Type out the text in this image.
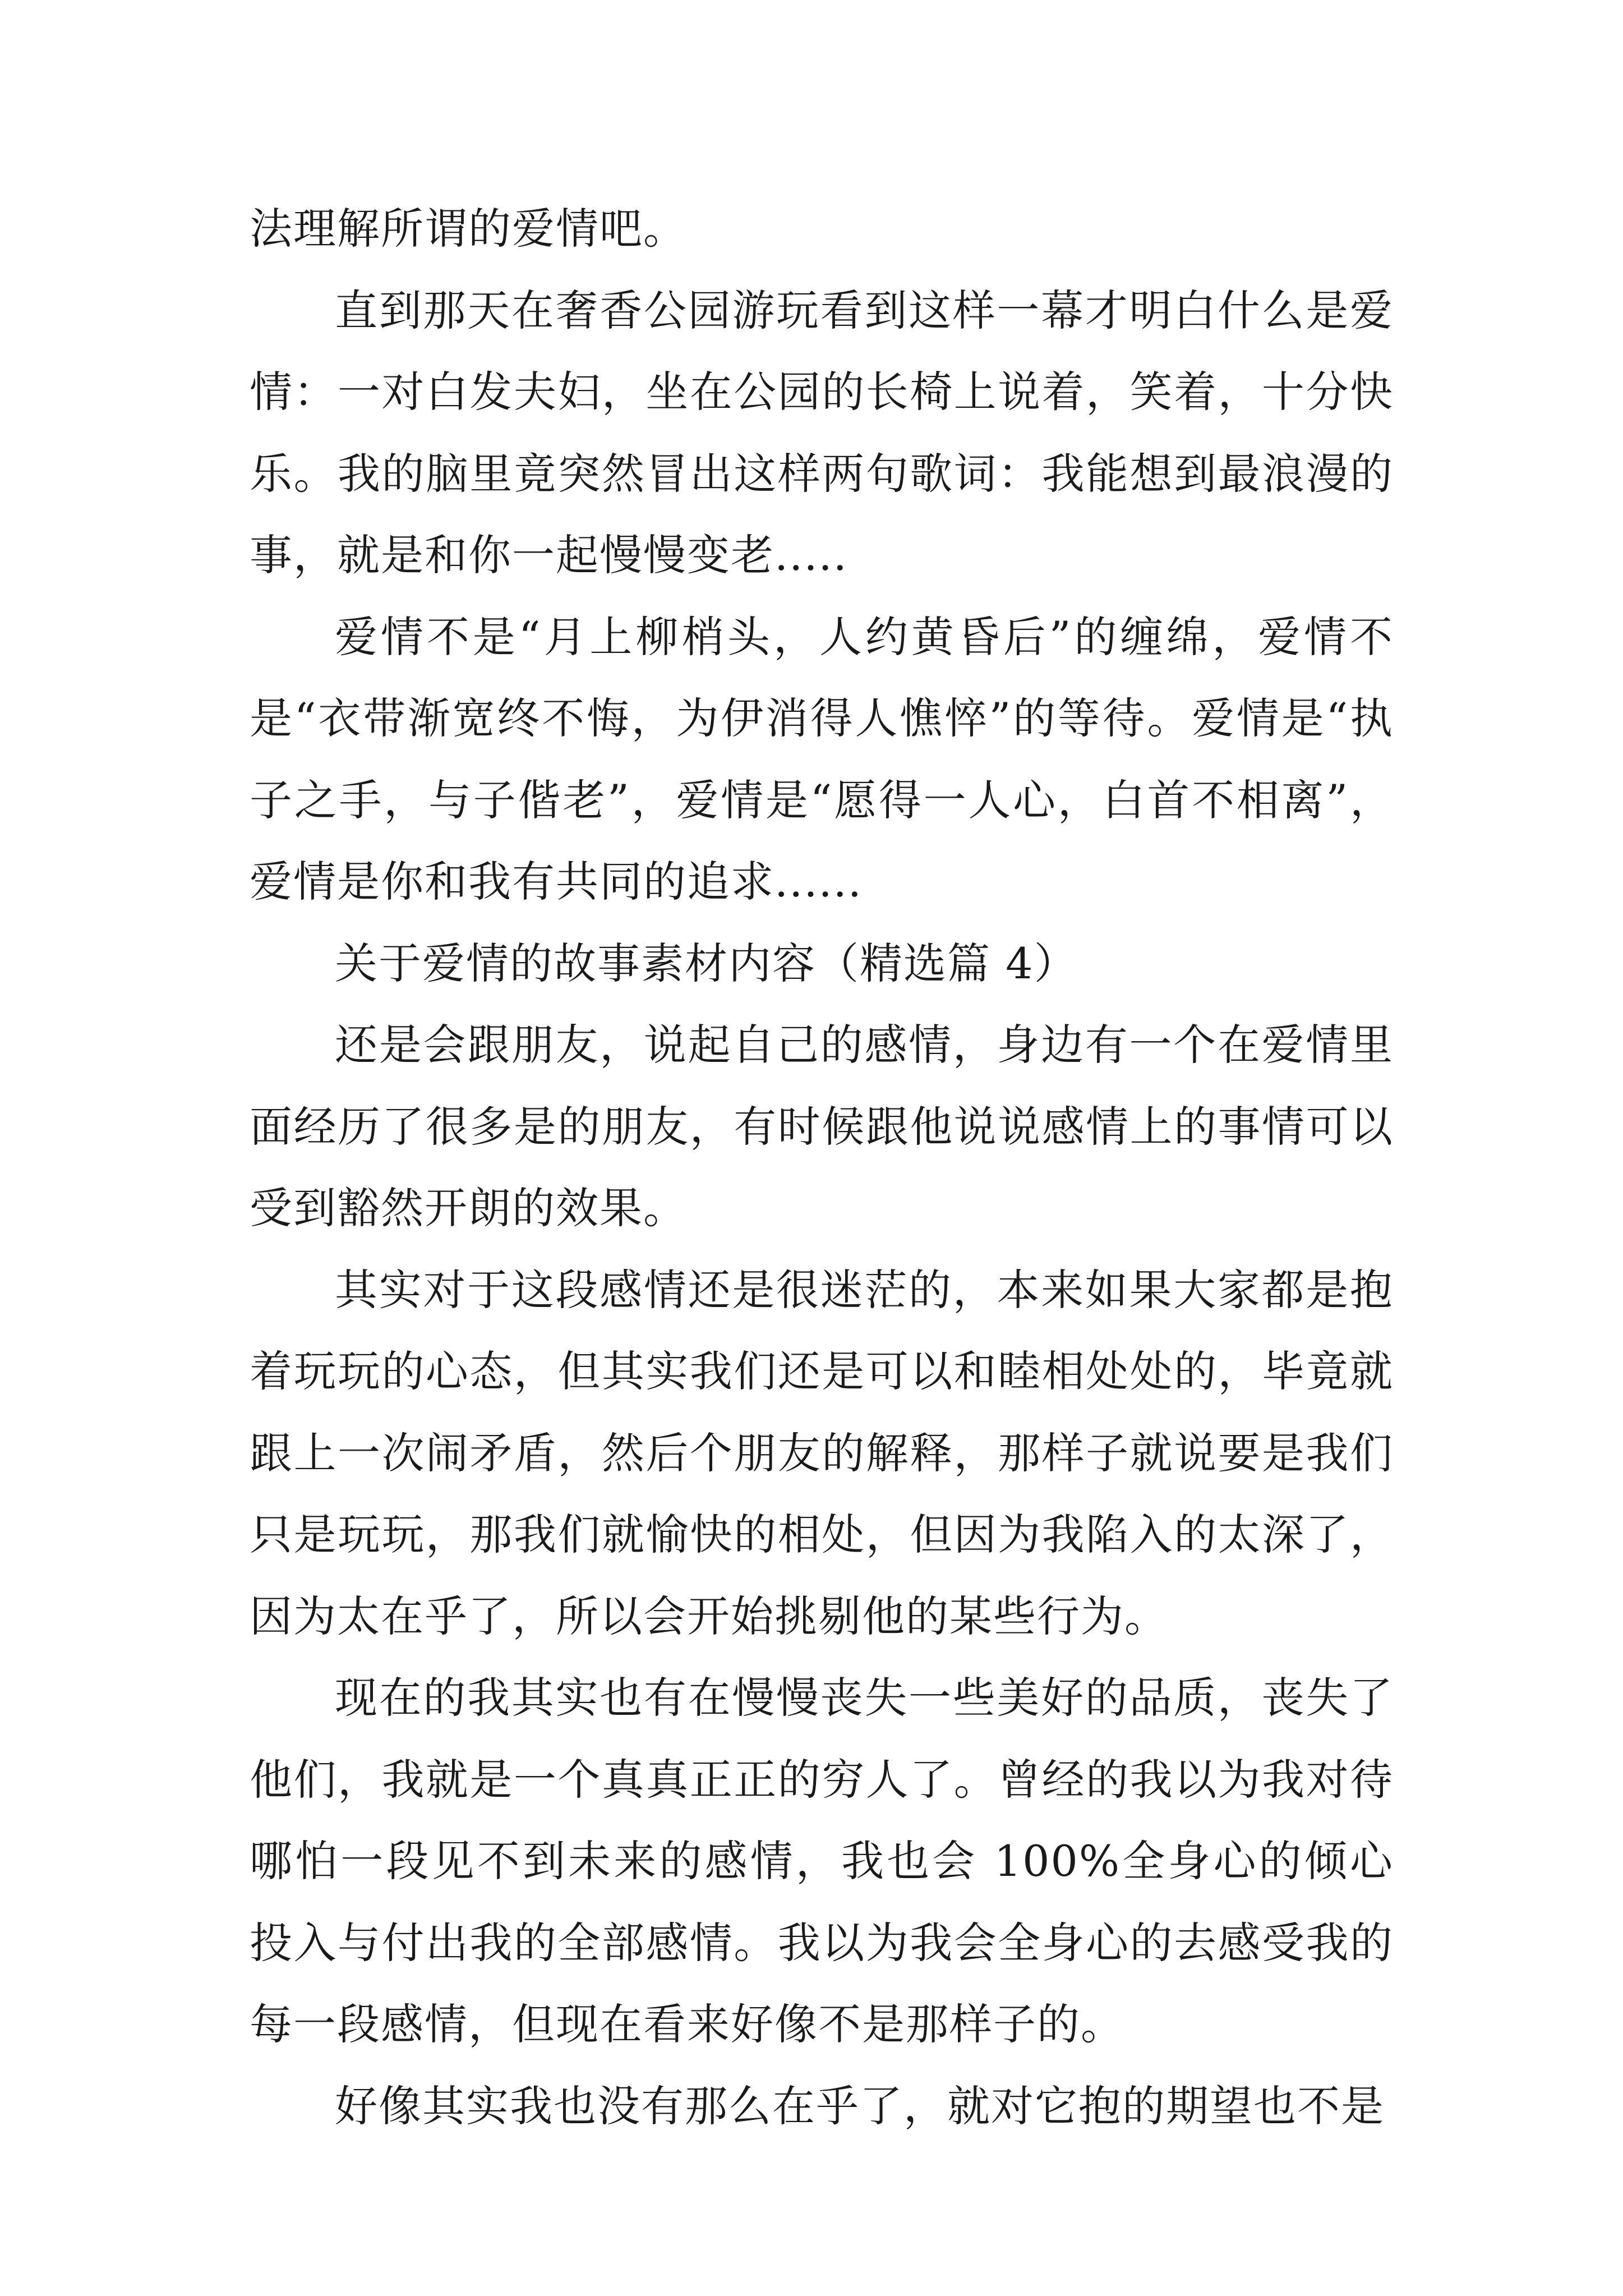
法理解所谓的爱情吧。

直到那天在奢香公园游玩看到这样一幕才明白什么是爱情：一对白发夫妇，坐在公园的长椅上说着，笑着，十分快乐。我的脑里竟突然冒出这样两句歌词：我能想到最浪漫的事，就是和你一起慢慢变老.....

爱情不是“月上柳梢头，人约黄昏后”的缠绵，爱情不是“衣带渐宽终不悔，为伊消得人憔悴”的等待。爱情是“执子之手，与子偕老”，爱情是“愿得一人心，白首不相离”，爱情是你和我有共同的追求......

关于爱情的故事素材内容（精选篇 4）

还是会跟朋友，说起自己的感情，身边有一个在爱情里面经历了很多是的朋友，有时候跟他说说感情上的事情可以受到豁然开朗的效果。

其实对于这段感情还是很迷茫的，本来如果大家都是抱着玩玩的心态，但其实我们还是可以和睦相处处的，毕竟就跟上一次闹矛盾，然后个朋友的解释，那样子就说要是我们只是玩玩，那我们就愉快的相处，但因为我陷入的太深了，因为太在乎了，所以会开始挑剔他的某些行为。

现在的我其实也有在慢慢丧失一些美好的品质，丧失了他们，我就是一个真真正正的穷人了。曾经的我以为我对待哪怕一段见不到未来的感情，我也会 100%全身心的倾心投入与付出我的全部感情。我以为我会全身心的去感受我的每一段感情，但现在看来好像不是那样子的。

好像其实我也没有那么在乎了，就对它抱的期望也不是
